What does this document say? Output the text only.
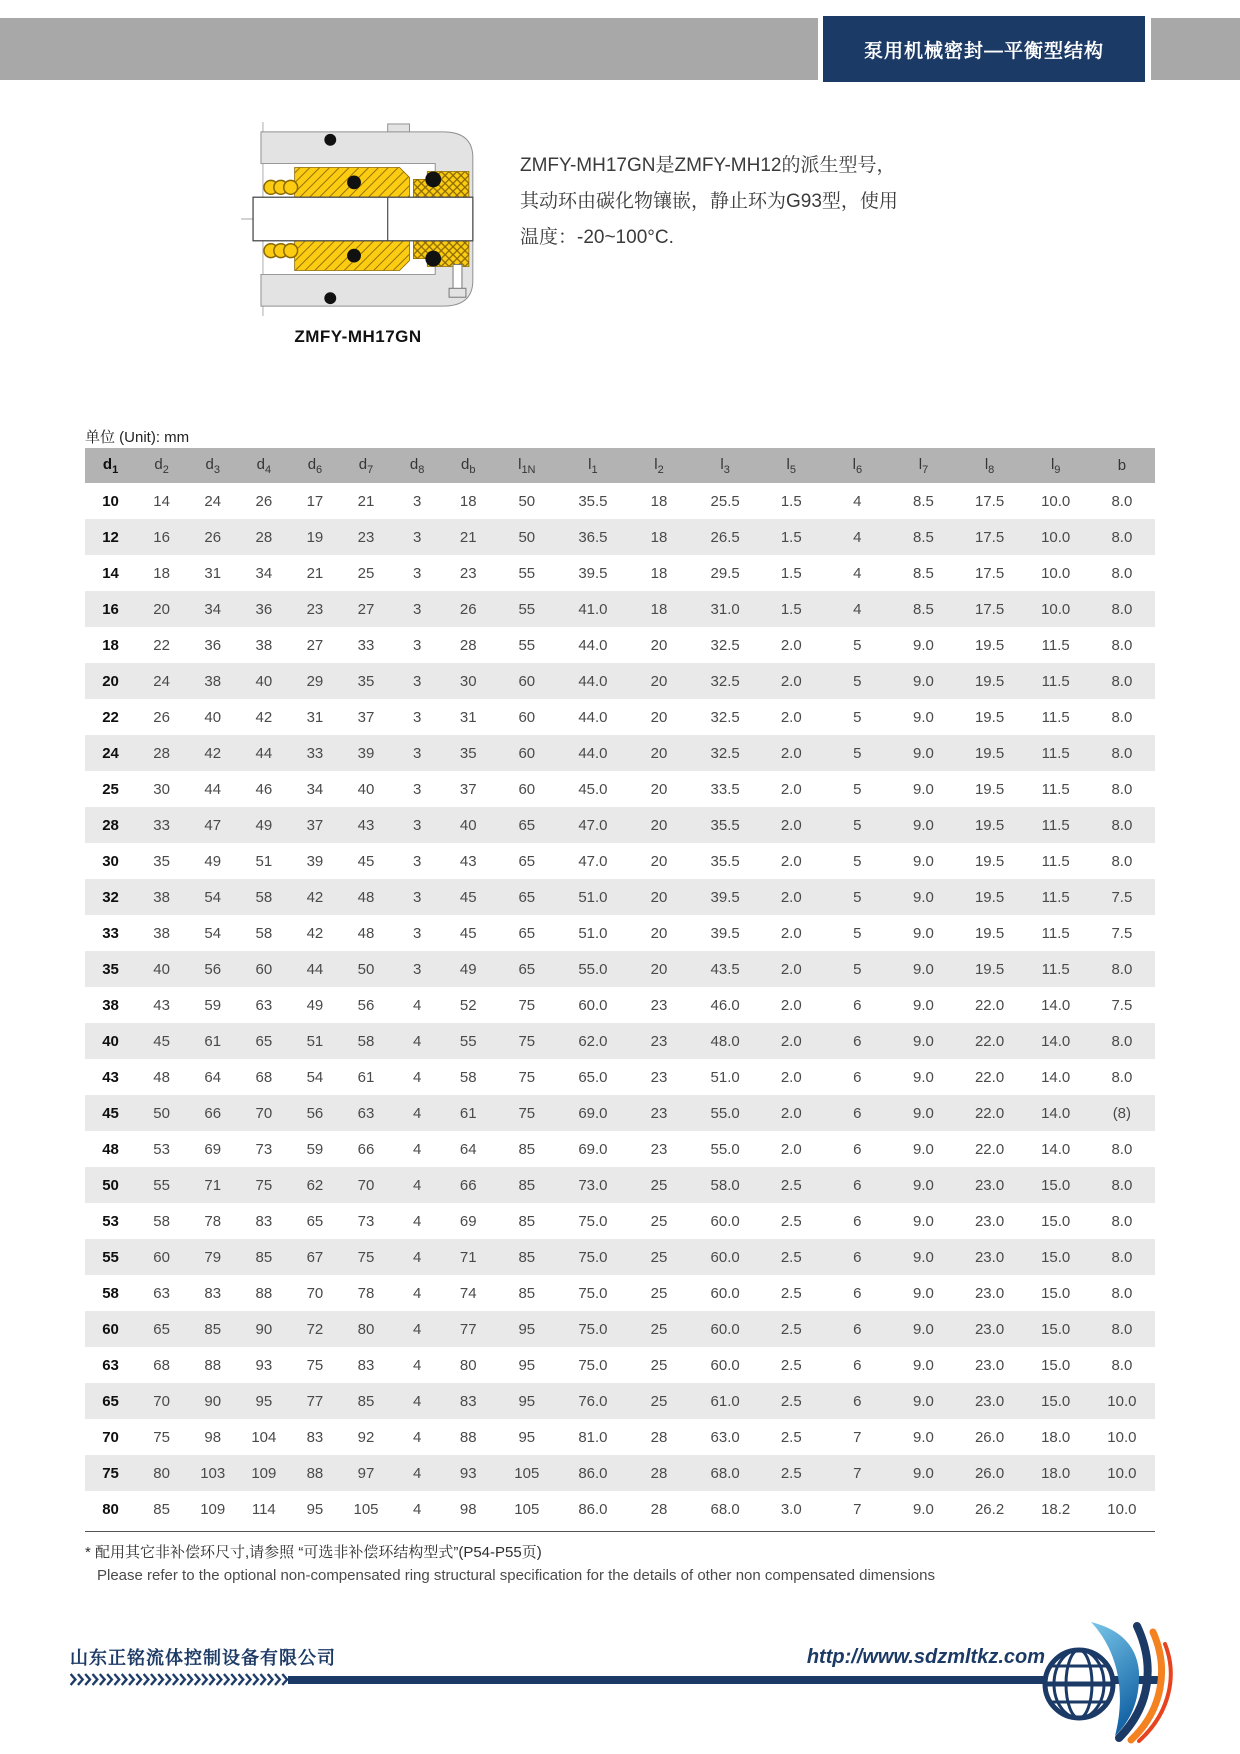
泵用机械密封—平衡型结构
ZMFY-MH17GN

ZMFY-MH17GN是ZMFY-MH12的派生型号，

其动环由碳化物镶嵌，静止环为G93型，使用

温度：-20~100°C.

单位 (Unit): mm
$d_1$	$d_2$	$d_3$	$d_4$	$d_6$	$d_7$	$d_8$	$d_b$	$l_{1N}$	$l_1$	$l_2$	$l_3$	$l_5$	$l_6$	$l_7$	$l_8$	$l_9$	b
10	14	24	26	17	21	3	18	50	35.5	18	25.5	1.5	4	8.5	17.5	10.0	8.0
12	16	26	28	19	23	3	21	50	36.5	18	26.5	1.5	4	8.5	17.5	10.0	8.0
14	18	31	34	21	25	3	23	55	39.5	18	29.5	1.5	4	8.5	17.5	10.0	8.0
16	20	34	36	23	27	3	26	55	41.0	18	31.0	1.5	4	8.5	17.5	10.0	8.0
18	22	36	38	27	33	3	28	55	44.0	20	32.5	2.0	5	9.0	19.5	11.5	8.0
20	24	38	40	29	35	3	30	60	44.0	20	32.5	2.0	5	9.0	19.5	11.5	8.0
22	26	40	42	31	37	3	31	60	44.0	20	32.5	2.0	5	9.0	19.5	11.5	8.0
24	28	42	44	33	39	3	35	60	44.0	20	32.5	2.0	5	9.0	19.5	11.5	8.0
25	30	44	46	34	40	3	37	60	45.0	20	33.5	2.0	5	9.0	19.5	11.5	8.0
28	33	47	49	37	43	3	40	65	47.0	20	35.5	2.0	5	9.0	19.5	11.5	8.0
30	35	49	51	39	45	3	43	65	47.0	20	35.5	2.0	5	9.0	19.5	11.5	8.0
32	38	54	58	42	48	3	45	65	51.0	20	39.5	2.0	5	9.0	19.5	11.5	7.5
33	38	54	58	42	48	3	45	65	51.0	20	39.5	2.0	5	9.0	19.5	11.5	7.5
35	40	56	60	44	50	3	49	65	55.0	20	43.5	2.0	5	9.0	19.5	11.5	8.0
38	43	59	63	49	56	4	52	75	60.0	23	46.0	2.0	6	9.0	22.0	14.0	7.5
40	45	61	65	51	58	4	55	75	62.0	23	48.0	2.0	6	9.0	22.0	14.0	8.0
43	48	64	68	54	61	4	58	75	65.0	23	51.0	2.0	6	9.0	22.0	14.0	8.0
45	50	66	70	56	63	4	61	75	69.0	23	55.0	2.0	6	9.0	22.0	14.0	(8)
48	53	69	73	59	66	4	64	85	69.0	23	55.0	2.0	6	9.0	22.0	14.0	8.0
50	55	71	75	62	70	4	66	85	73.0	25	58.0	2.5	6	9.0	23.0	15.0	8.0
53	58	78	83	65	73	4	69	85	75.0	25	60.0	2.5	6	9.0	23.0	15.0	8.0
55	60	79	85	67	75	4	71	85	75.0	25	60.0	2.5	6	9.0	23.0	15.0	8.0
58	63	83	88	70	78	4	74	85	75.0	25	60.0	2.5	6	9.0	23.0	15.0	8.0
60	65	85	90	72	80	4	77	95	75.0	25	60.0	2.5	6	9.0	23.0	15.0	8.0
63	68	88	93	75	83	4	80	95	75.0	25	60.0	2.5	6	9.0	23.0	15.0	8.0
65	70	90	95	77	85	4	83	95	76.0	25	61.0	2.5	6	9.0	23.0	15.0	10.0
70	75	98	104	83	92	4	88	95	81.0	28	63.0	2.5	7	9.0	26.0	18.0	10.0
75	80	103	109	88	97	4	93	105	86.0	28	68.0	2.5	7	9.0	26.0	18.0	10.0
80	85	109	114	95	105	4	98	105	86.0	28	68.0	3.0	7	9.0	26.2	18.2	10.0

* 配用其它非补偿环尺寸,请参照 “可选非补偿环结构型式”(P54-P55页)

Please refer to the optional non-compensated ring structural specification for the details of other non compensated dimensions

山东正铭流体控制设备有限公司	http://www.sdzmltkz.com
